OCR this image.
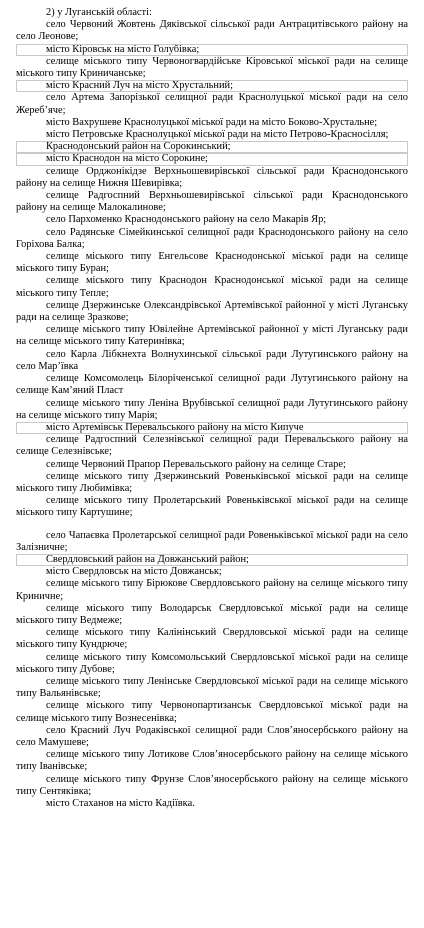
2) у Луганській області:

село Червоний Жовтень Дяківської сільської ради Антрацитівського району на село Леонове;

місто Кіровськ на місто Голубівка;

селище міського типу Червоногвардійське Кіровської міської ради на селище міського типу Криничанське;

місто Красний Луч на місто Хрустальний;

село Артема Запорізької селищної ради Краснолуцької міської ради на село Жеребʼяче;

місто Вахрушеве Краснолуцької міської ради на місто Боково-Хрустальне;

місто Петровське Краснолуцької міської ради на місто Петрово-Красносілля;

Краснодонський район на Сорокинський;

місто Краснодон на місто Сорокине;

селище Орджонікідзе Верхньошевирівської сільської ради Краснодонського району на селище Нижня Шевирівка;

селище Радгоспний Верхньошевирівської сільської ради Краснодонського району на селище Малокалинове;

село Пархоменко Краснодонського району на село Макарів Яр;

село Радянське Сімейкинської селищної ради Краснодонського району на село Горіхова Балка;

селище міського типу Енгельсове Краснодонської міської ради на селище міського типу Буран;

селище міського типу Краснодон Краснодонської міської ради на селище міського типу Тепле;

селище Дзержинське Олександрівської Артемівської районної у місті Луганську ради на селище Зразкове;

селище міського типу Ювілейне Артемівської районної у місті Луганську ради на селище міського типу Катеринівка;

село Карла Лібкнехта Волнухинської сільської ради Лутугинського району на село Марʼївка

селище Комсомолець Білоріченської селищної ради Лутугинського району на селище Камʼяний Пласт

селище міського типу Леніна Врубівської селищної ради Лутугинського району на селище міського типу Марія;

місто Артемівськ Перевальського району на місто Кипуче

селище Радгоспний Селезнівської селищної ради Перевальського району на селище Селезнівське;

селище Червоний Прапор Перевальського району на селище Старе;

селище міського типу Дзержинський Ровеньківської міської ради на селище міського типу Любимівка;

селище міського типу Пролетарський Ровеньківської міської ради на селище міського типу Картушине;

село Чапаєвка Пролетарської селищної ради Ровеньківської міської ради на село Залізничне;

Свердловський район на Довжанський район;

місто Свердловськ на місто Довжанськ;

селище міського типу Бірюкове Свердловського району на селище міського типу Криничне;

селище міського типу Володарськ Свердловської міської ради на селище міського типу Ведмеже;

селище міського типу Калінінський Свердловської міської ради на селище міського типу Кундрюче;

селище міського типу Комсомольський Свердловської міської ради на селище міського типу Дубове;

селище міського типу Ленінське Свердловської міської ради на селище міського типу Вальянівське;

селище міського типу Червонопартизанськ Свердловської міської ради на селище міського типу Вознесенівка;

село Красний Луч Родаківської селищної ради Словʼяносербського району на село Мамушеве;

селище міського типу Лотикове Словʼяносербського району на селище міського типу Іванівське;

селище міського типу Фрунзе Словʼяносербського району на селище міського типу Сентяківка;

місто Стаханов на місто Кадіївка.
